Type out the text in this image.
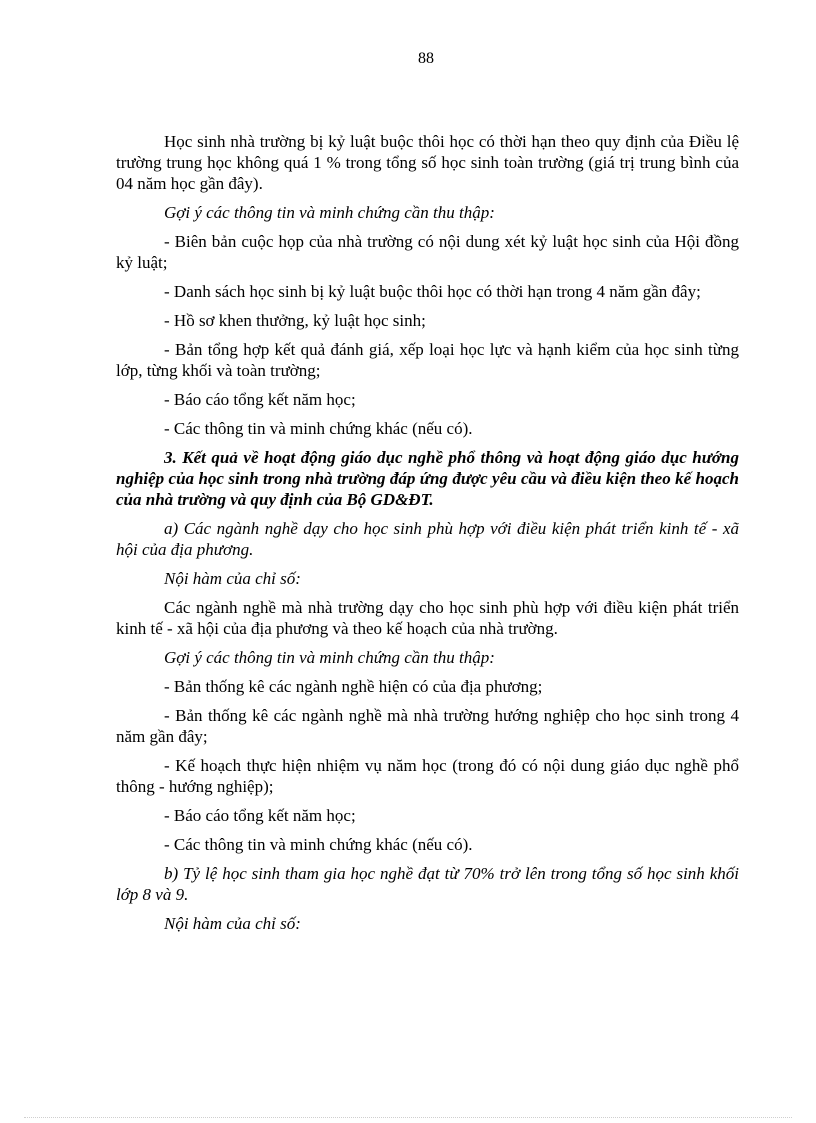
88

Học sinh nhà trường bị kỷ luật buộc thôi học có thời hạn theo quy định của Điều lệ trường trung học không quá 1 % trong tổng số học sinh toàn trường (giá trị trung bình của 04 năm học gần đây).

Gợi ý các thông tin và minh chứng cần thu thập:

- Biên bản cuộc họp của nhà trường có nội dung xét kỷ luật học sinh của Hội đồng kỷ luật;

- Danh sách học sinh bị kỷ luật buộc thôi học có thời hạn trong 4 năm gần đây;

- Hồ sơ khen thưởng, kỷ luật học sinh;

- Bản tổng hợp kết quả đánh giá, xếp loại học lực và hạnh kiểm của học sinh từng lớp, từng khối và toàn trường;

- Báo cáo tổng kết năm học;

- Các thông tin và minh chứng khác (nếu có).

3. Kết quả về hoạt động giáo dục nghề phổ thông và hoạt động giáo dục hướng nghiệp của học sinh trong nhà trường đáp ứng được yêu cầu và điều kiện theo kế hoạch của nhà trường và quy định của Bộ GD&ĐT.

a) Các ngành nghề dạy cho học sinh phù hợp với điều kiện phát triển kinh tế - xã hội của địa phương.

Nội hàm của chỉ số:

Các ngành nghề mà nhà trường dạy cho học sinh phù hợp với điều kiện phát triển kinh tế - xã hội của địa phương và theo kế hoạch của nhà trường.

Gợi ý các thông tin và minh chứng cần thu thập:

- Bản thống kê các ngành nghề hiện có của địa phương;

- Bản thống kê các ngành nghề mà nhà trường hướng nghiệp cho học sinh trong 4 năm gần đây;

- Kế hoạch thực hiện nhiệm vụ năm học (trong đó có nội dung giáo dục nghề phổ thông - hướng nghiệp);

- Báo cáo tổng kết năm học;

- Các thông tin và minh chứng khác (nếu có).

b) Tỷ lệ học sinh tham gia học nghề đạt từ 70% trở lên trong tổng số học sinh khối lớp 8 và 9.

Nội hàm của chỉ số:
